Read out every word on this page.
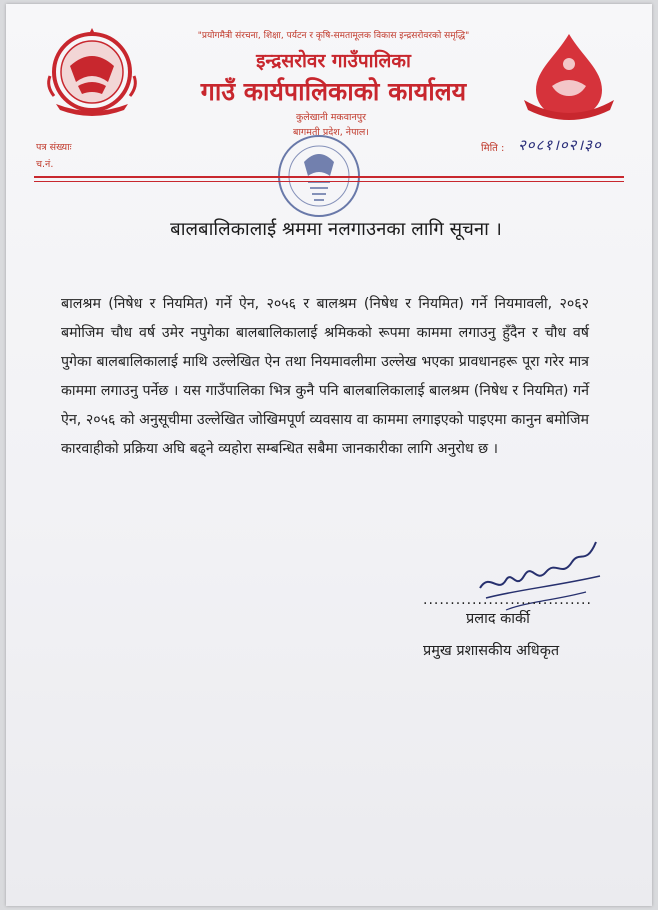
"प्रयोगमैत्री संरचना, शिक्षा, पर्यटन र कृषि-समतामूलक विकास इन्द्रसरोवरको समृद्धि"
इन्द्रसरोवर गाउँपालिका
गाउँ कार्यपालिकाको कार्यालय
कुलेखानी मकवानपुर
बागमती प्रदेश, नेपाल।
पत्र संख्याः
च.नं.
मिति : २०८१।०२।३०
बालबालिकालाई श्रममा नलगाउनका लागि सूचना ।

बालश्रम (निषेध र नियमित) गर्ने ऐन, २०५६ र बालश्रम (निषेध र नियमित) गर्ने नियमावली, २०६२ बमोजिम चौध वर्ष उमेर नपुगेका बालबालिकालाई श्रमिकको रूपमा काममा लगाउनु हुँदैन र चौध वर्ष पुगेका बालबालिकालाई माथि उल्लेखित ऐन तथा नियमावलीमा उल्लेख भएका प्रावधानहरू पूरा गरेर मात्र काममा लगाउनु पर्नेछ । यस गाउँपालिका भित्र कुनै पनि बालबालिकालाई बालश्रम (निषेध र नियमित) गर्ने ऐन, २०५६ को अनुसूचीमा उल्लेखित जोखिमपूर्ण व्यवसाय वा काममा लगाइएको पाइएमा कानुन बमोजिम कारवाहीको प्रक्रिया अघि बढ्ने व्यहोरा सम्बन्धित सबैमा जानकारीका लागि अनुरोध छ ।

...............................
प्रलाद कार्की
प्रमुख प्रशासकीय अधिकृत
